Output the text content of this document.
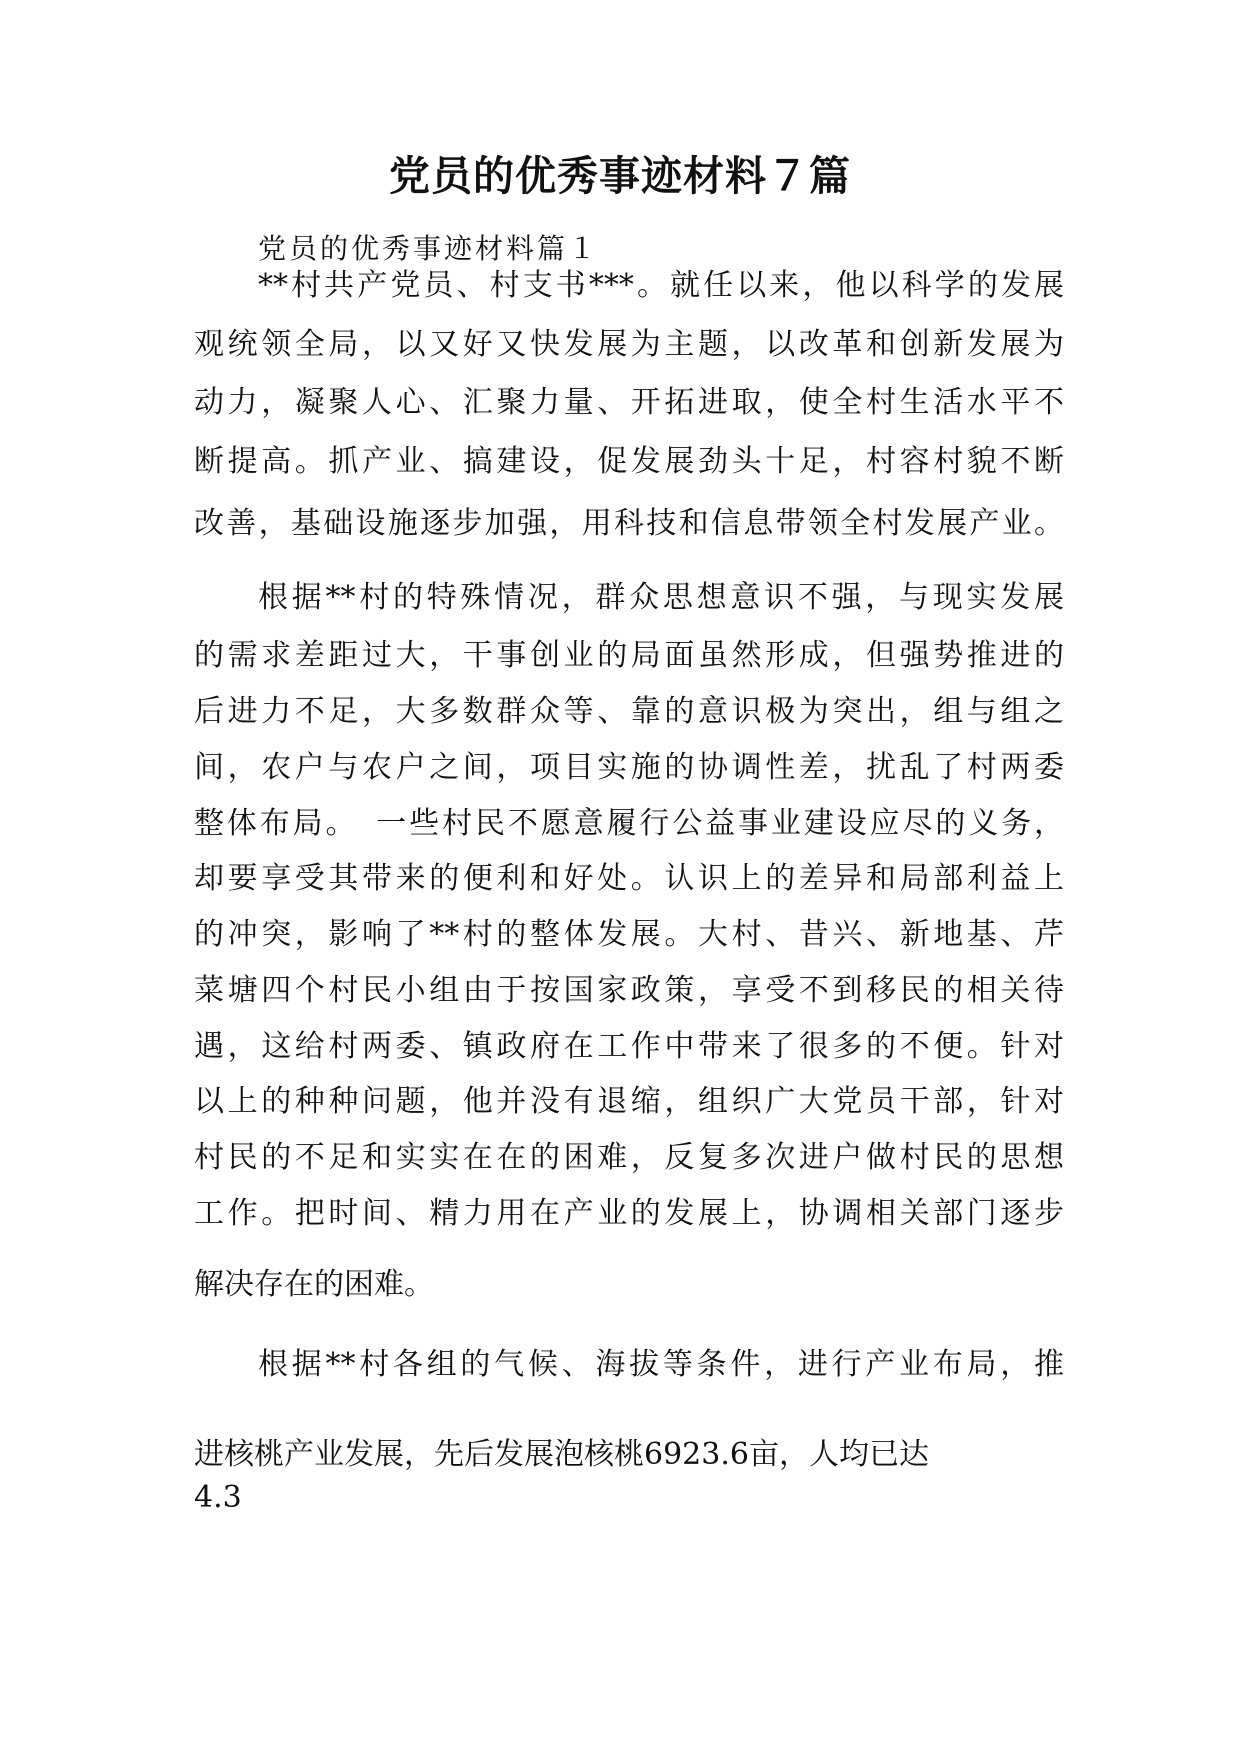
党员的优秀事迹材料７篇

党员的优秀事迹材料篇１

**村共产党员、村支书***。就任以来，他以科学的发展

观统领全局，以又好又快发展为主题，以改革和创新发展为

动力，凝聚人心、汇聚力量、开拓进取，使全村生活水平不

断提高。抓产业、搞建设，促发展劲头十足，村容村貌不断

改善，基础设施逐步加强，用科技和信息带领全村发展产业。

根据**村的特殊情况，群众思想意识不强，与现实发展

的需求差距过大，干事创业的局面虽然形成，但强势推进的

后进力不足，大多数群众等、靠的意识极为突出，组与组之

间，农户与农户之间，项目实施的协调性差，扰乱了村两委

整体布局。　一些村民不愿意履行公益事业建设应尽的义务，

却要享受其带来的便利和好处。认识上的差异和局部利益上

的冲突，影响了**村的整体发展。大村、昔兴、新地基、芹

菜塘四个村民小组由于按国家政策，享受不到移民的相关待

遇，这给村两委、镇政府在工作中带来了很多的不便。针对

以上的种种问题，他并没有退缩，组织广大党员干部，针对

村民的不足和实实在在的困难，反复多次进户做村民的思想

工作。把时间、精力用在产业的发展上，协调相关部门逐步

解决存在的困难。

根据**村各组的气候、海拔等条件，进行产业布局，推

进核桃产业发展，先后发展泡核桃6923.6亩，人均已达

4.3
